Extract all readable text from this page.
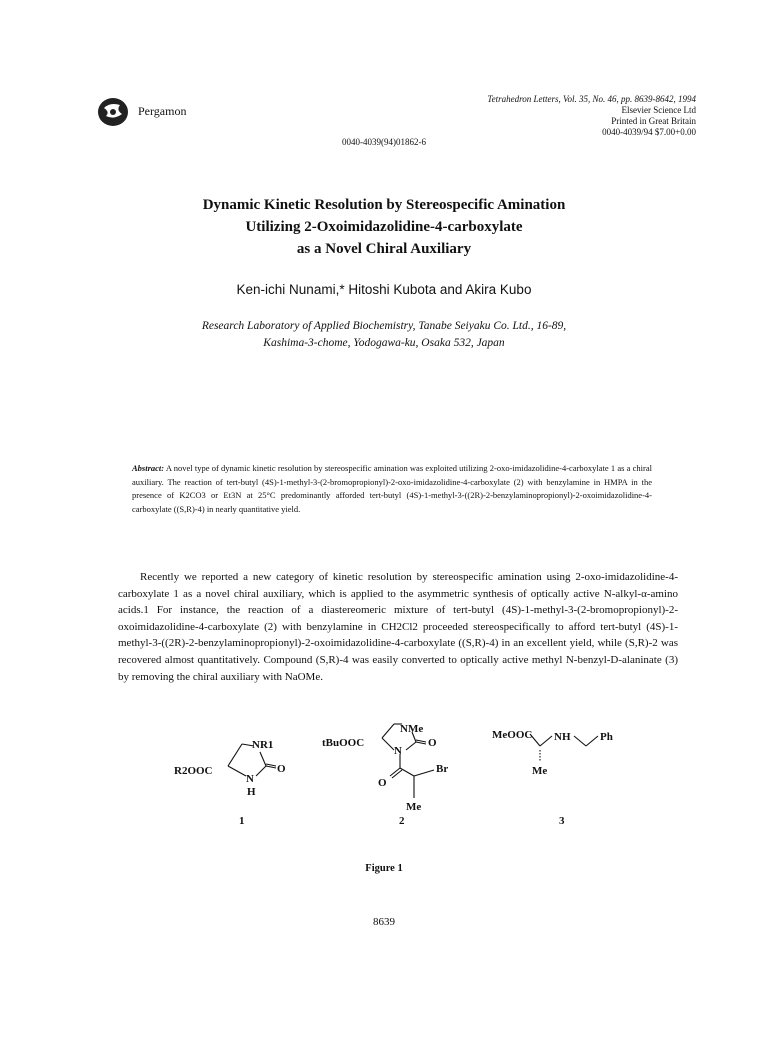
Pergamon
Tetrahedron Letters, Vol. 35, No. 46, pp. 8639-8642, 1994
Elsevier Science Ltd
Printed in Great Britain
0040-4039/94 $7.00+0.00
0040-4039(94)01862-6
Dynamic Kinetic Resolution by Stereospecific Amination
Utilizing 2-Oxoimidazolidine-4-carboxylate
as a Novel Chiral Auxiliary
Ken-ichi Nunami,* Hitoshi Kubota and Akira Kubo
Research Laboratory of Applied Biochemistry, Tanabe Seiyaku Co. Ltd., 16-89,
Kashima-3-chome, Yodogawa-ku, Osaka 532, Japan
Abstract: A novel type of dynamic kinetic resolution by stereospecific amination was exploited utilizing 2-oxo-imidazolidine-4-carboxylate 1 as a chiral auxiliary. The reaction of tert-butyl (4S)-1-methyl-3-(2-bromopropionyl)-2-oxo-imidazolidine-4-carboxylate (2) with benzylamine in HMPA in the presence of K2CO3 or Et3N at 25°C predominantly afforded tert-butyl (4S)-1-methyl-3-((2R)-2-benzylaminopropionyl)-2-oxoimidazolidine-4-carboxylate ((S,R)-4) in nearly quantitative yield.

Recently we reported a new category of kinetic resolution by stereospecific amination using 2-oxo-imidazolidine-4-carboxylate 1 as a novel chiral auxiliary, which is applied to the asymmetric synthesis of optically active N-alkyl-α-amino acids.1 For instance, the reaction of a diastereomeric mixture of tert-butyl (4S)-1-methyl-3-(2-bromopropionyl)-2-oxoimidazolidine-4-carboxylate (2) with benzylamine in CH2Cl2 proceeded stereospecifically to afford tert-butyl (4S)-1-methyl-3-((2R)-2-benzylaminopropionyl)-2-oxoimidazolidine-4-carboxylate ((S,R)-4) in an excellent yield, while (S,R)-2 was recovered almost quantitatively. Compound (S,R)-4 was easily converted to optically active methyl N-benzyl-D-alaninate (3) by removing the chiral auxiliary with NaOMe.

NR1
R2OOC
N
H
O
NMe
tBuOOC
N
O
O
Br
Me
MeOOC NH	Ph
Me
1	2	3
Figure 1
8639
